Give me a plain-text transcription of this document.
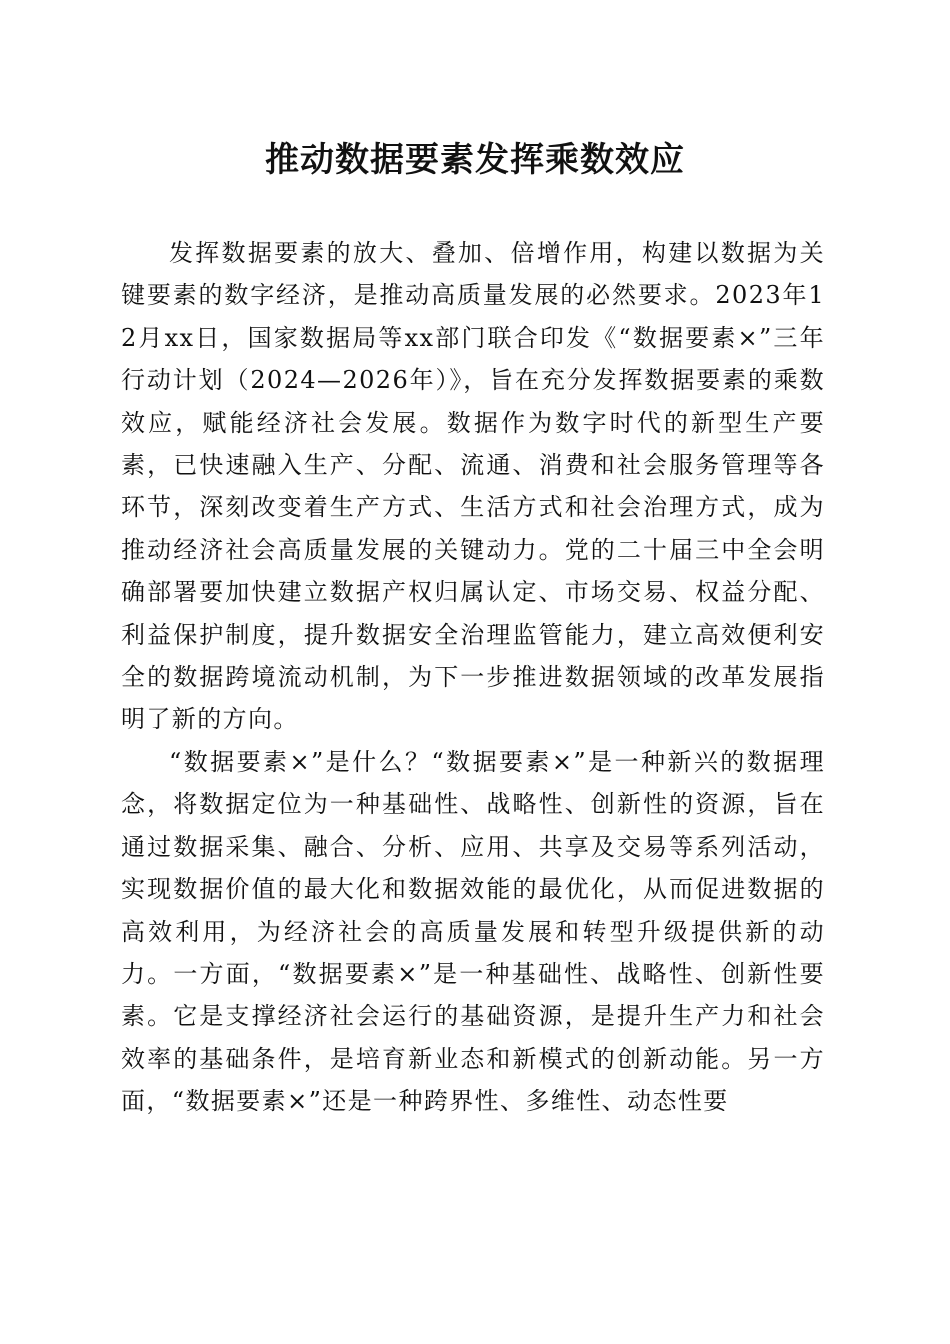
推动数据要素发挥乘数效应

发挥数据要素的放大、叠加、倍增作用，构建以数据为关键要素的数字经济，是推动高质量发展的必然要求。2023年12月xx日，国家数据局等xx部门联合印发《“数据要素×”三年行动计划（2024—2026年）》，旨在充分发挥数据要素的乘数效应，赋能经济社会发展。数据作为数字时代的新型生产要素，已快速融入生产、分配、流通、消费和社会服务管理等各环节，深刻改变着生产方式、生活方式和社会治理方式，成为推动经济社会高质量发展的关键动力。党的二十届三中全会明确部署要加快建立数据产权归属认定、市场交易、权益分配、利益保护制度，提升数据安全治理监管能力，建立高效便利安全的数据跨境流动机制，为下一步推进数据领域的改革发展指明了新的方向。

“数据要素×”是什么？“数据要素×”是一种新兴的数据理念，将数据定位为一种基础性、战略性、创新性的资源，旨在通过数据采集、融合、分析、应用、共享及交易等系列活动，实现数据价值的最大化和数据效能的最优化，从而促进数据的高效利用，为经济社会的高质量发展和转型升级提供新的动力。一方面，“数据要素×”是一种基础性、战略性、创新性要素。它是支撑经济社会运行的基础资源，是提升生产力和社会效率的基础条件，是培育新业态和新模式的创新动能。另一方面，“数据要素×”还是一种跨界性、多维性、动态性要
